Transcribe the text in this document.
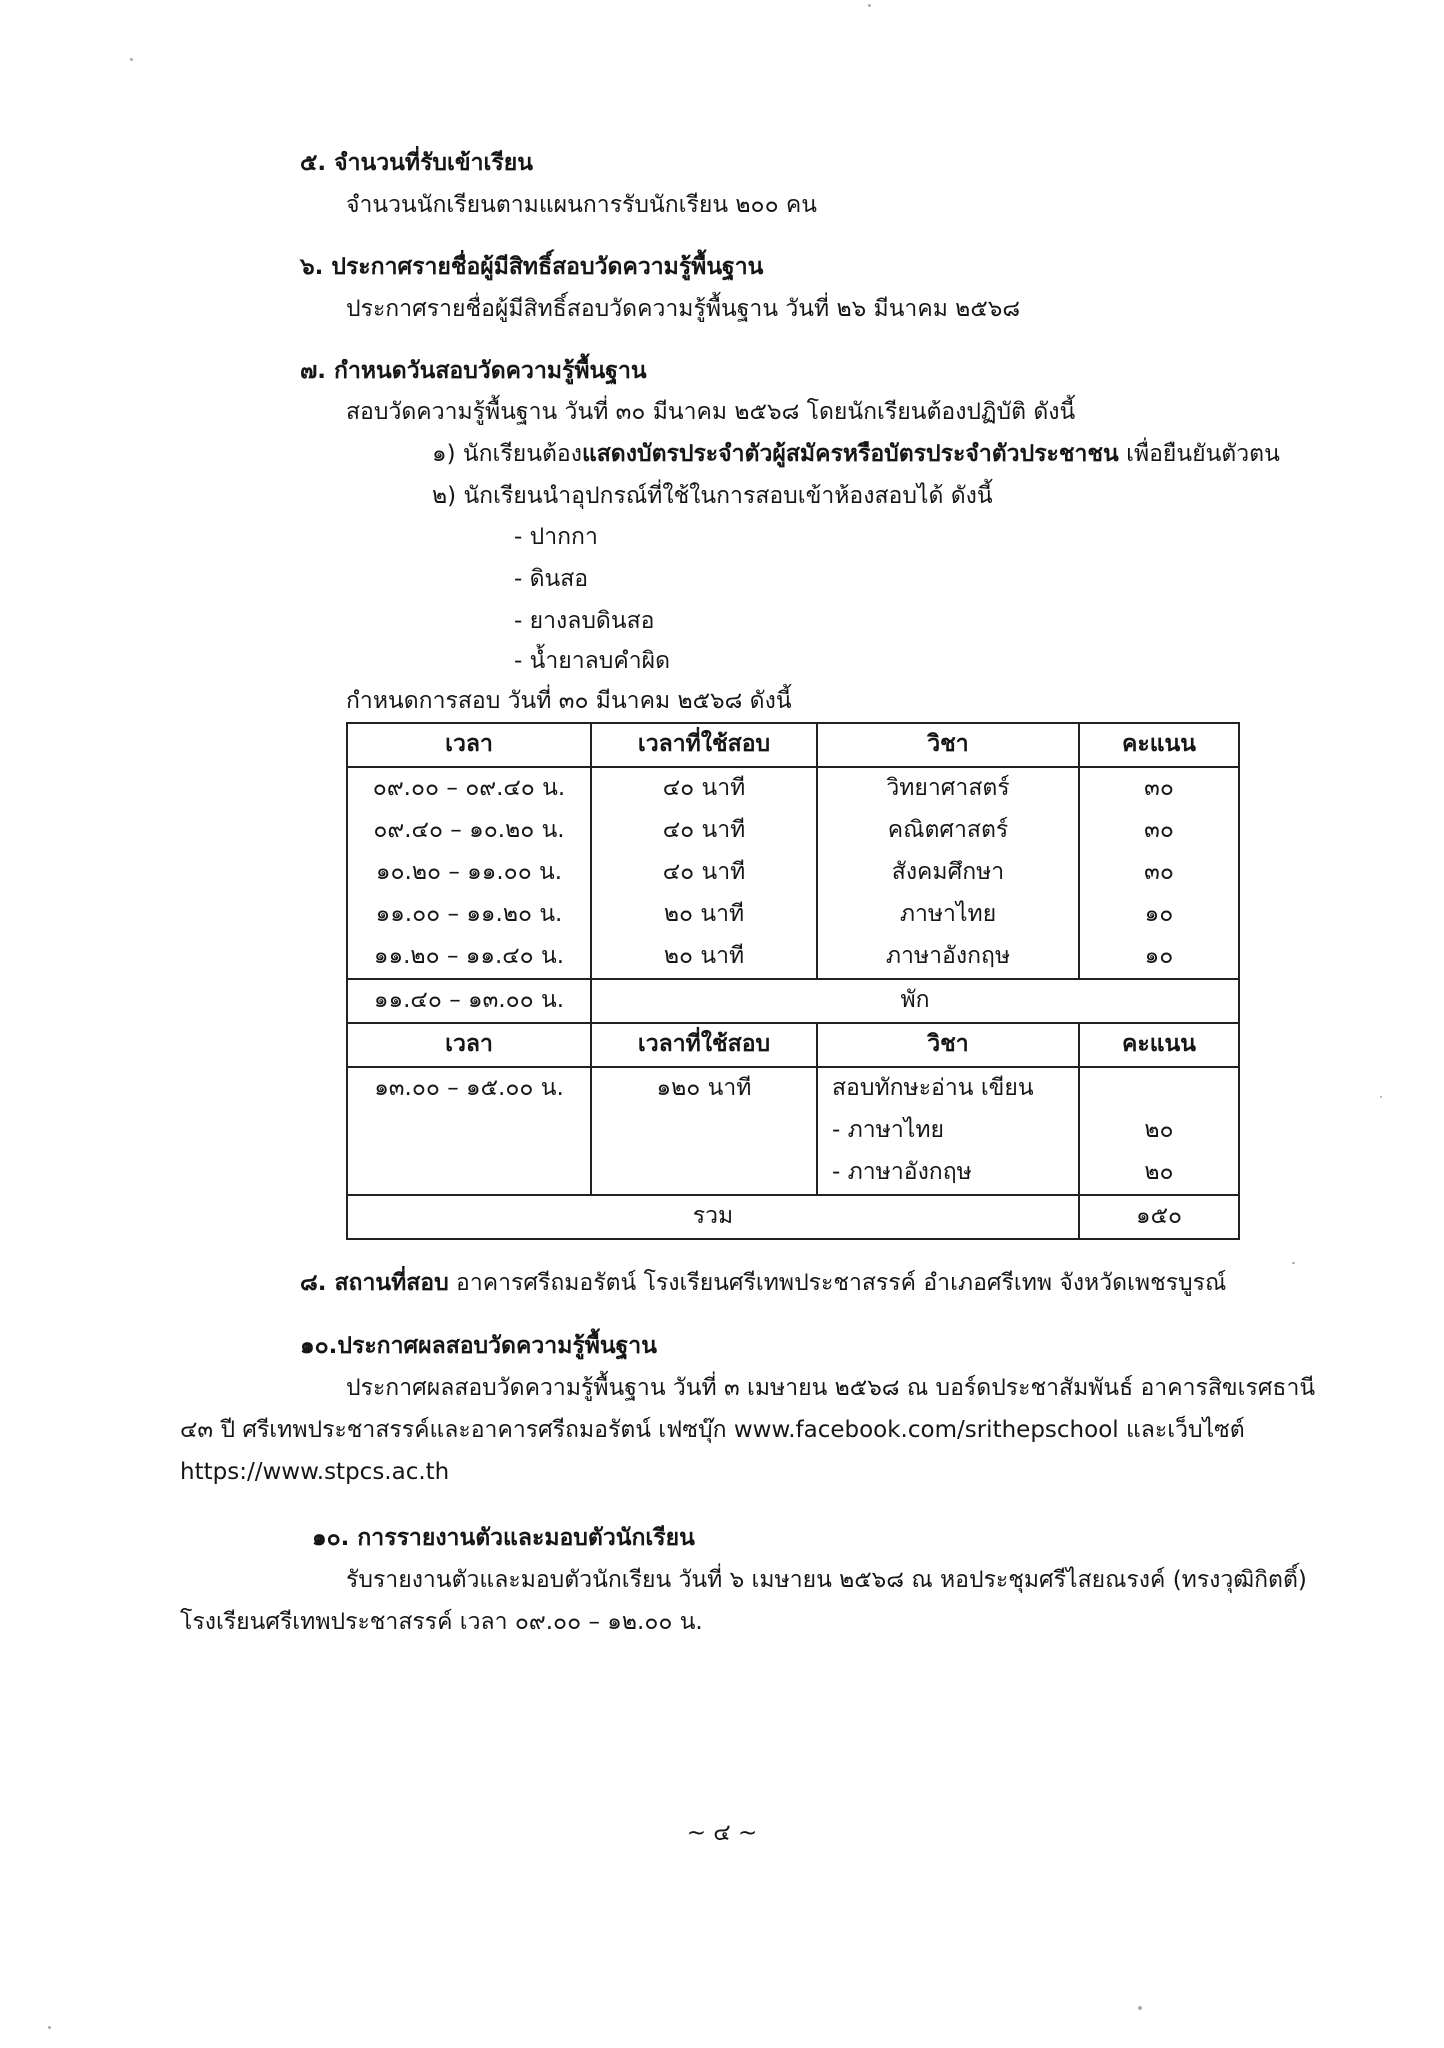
๕. จำนวนที่รับเข้าเรียน
จำนวนนักเรียนตามแผนการรับนักเรียน ๒๐๐ คน
๖. ประกาศรายชื่อผู้มีสิทธิ์สอบวัดความรู้พื้นฐาน
ประกาศรายชื่อผู้มีสิทธิ์สอบวัดความรู้พื้นฐาน วันที่ ๒๖ มีนาคม ๒๕๖๘
๗. กำหนดวันสอบวัดความรู้พื้นฐาน
สอบวัดความรู้พื้นฐาน วันที่ ๓๐ มีนาคม ๒๕๖๘ โดยนักเรียนต้องปฏิบัติ ดังนี้
๑) นักเรียนต้องแสดงบัตรประจำตัวผู้สมัครหรือบัตรประจำตัวประชาชน เพื่อยืนยันตัวตน
๒) นักเรียนนำอุปกรณ์ที่ใช้ในการสอบเข้าห้องสอบได้ ดังนี้
- ปากกา
- ดินสอ
- ยางลบดินสอ
- น้ำยาลบคำผิด
กำหนดการสอบ วันที่ ๓๐ มีนาคม ๒๕๖๘ ดังนี้
เวลา	เวลาที่ใช้สอบ	วิชา	คะแนน
๐๙.๐๐ – ๐๙.๔๐ น.	๔๐ นาที	วิทยาศาสตร์	๓๐
๐๙.๔๐ – ๑๐.๒๐ น.	๔๐ นาที	คณิตศาสตร์	๓๐
๑๐.๒๐ – ๑๑.๐๐ น.	๔๐ นาที	สังคมศึกษา	๓๐
๑๑.๐๐ – ๑๑.๒๐ น.	๒๐ นาที	ภาษาไทย	๑๐
๑๑.๒๐ – ๑๑.๔๐ น.	๒๐ นาที	ภาษาอังกฤษ	๑๐
๑๑.๔๐ – ๑๓.๐๐ น.	พัก		
เวลา	เวลาที่ใช้สอบ	วิชา	คะแนน
๑๓.๐๐ – ๑๕.๐๐ น.	๑๒๐ นาที	สอบทักษะอ่าน เขียน	
		- ภาษาไทย	๒๐
		- ภาษาอังกฤษ	๒๐
รวม			๑๕๐
๘. สถานที่สอบ อาคารศรีถมอรัตน์ โรงเรียนศรีเทพประชาสรรค์ อำเภอศรีเทพ จังหวัดเพชรบูรณ์
๑๐.ประกาศผลสอบวัดความรู้พื้นฐาน
ประกาศผลสอบวัดความรู้พื้นฐาน วันที่ ๓ เมษายน ๒๕๖๘ ณ บอร์ดประชาสัมพันธ์ อาคารสิขเรศธานี
๔๓ ปี ศรีเทพประชาสรรค์และอาคารศรีถมอรัตน์ เฟซบุ๊ก www.facebook.com/srithepschool และเว็บไซต์
https://www.stpcs.ac.th
๑๐. การรายงานตัวและมอบตัวนักเรียน
รับรายงานตัวและมอบตัวนักเรียน วันที่ ๖ เมษายน ๒๕๖๘ ณ หอประชุมศรีไสยณรงค์ (ทรงวุฒิกิตติ์)
โรงเรียนศรีเทพประชาสรรค์ เวลา ๐๙.๐๐ – ๑๒.๐๐ น.
~ ๔ ~
